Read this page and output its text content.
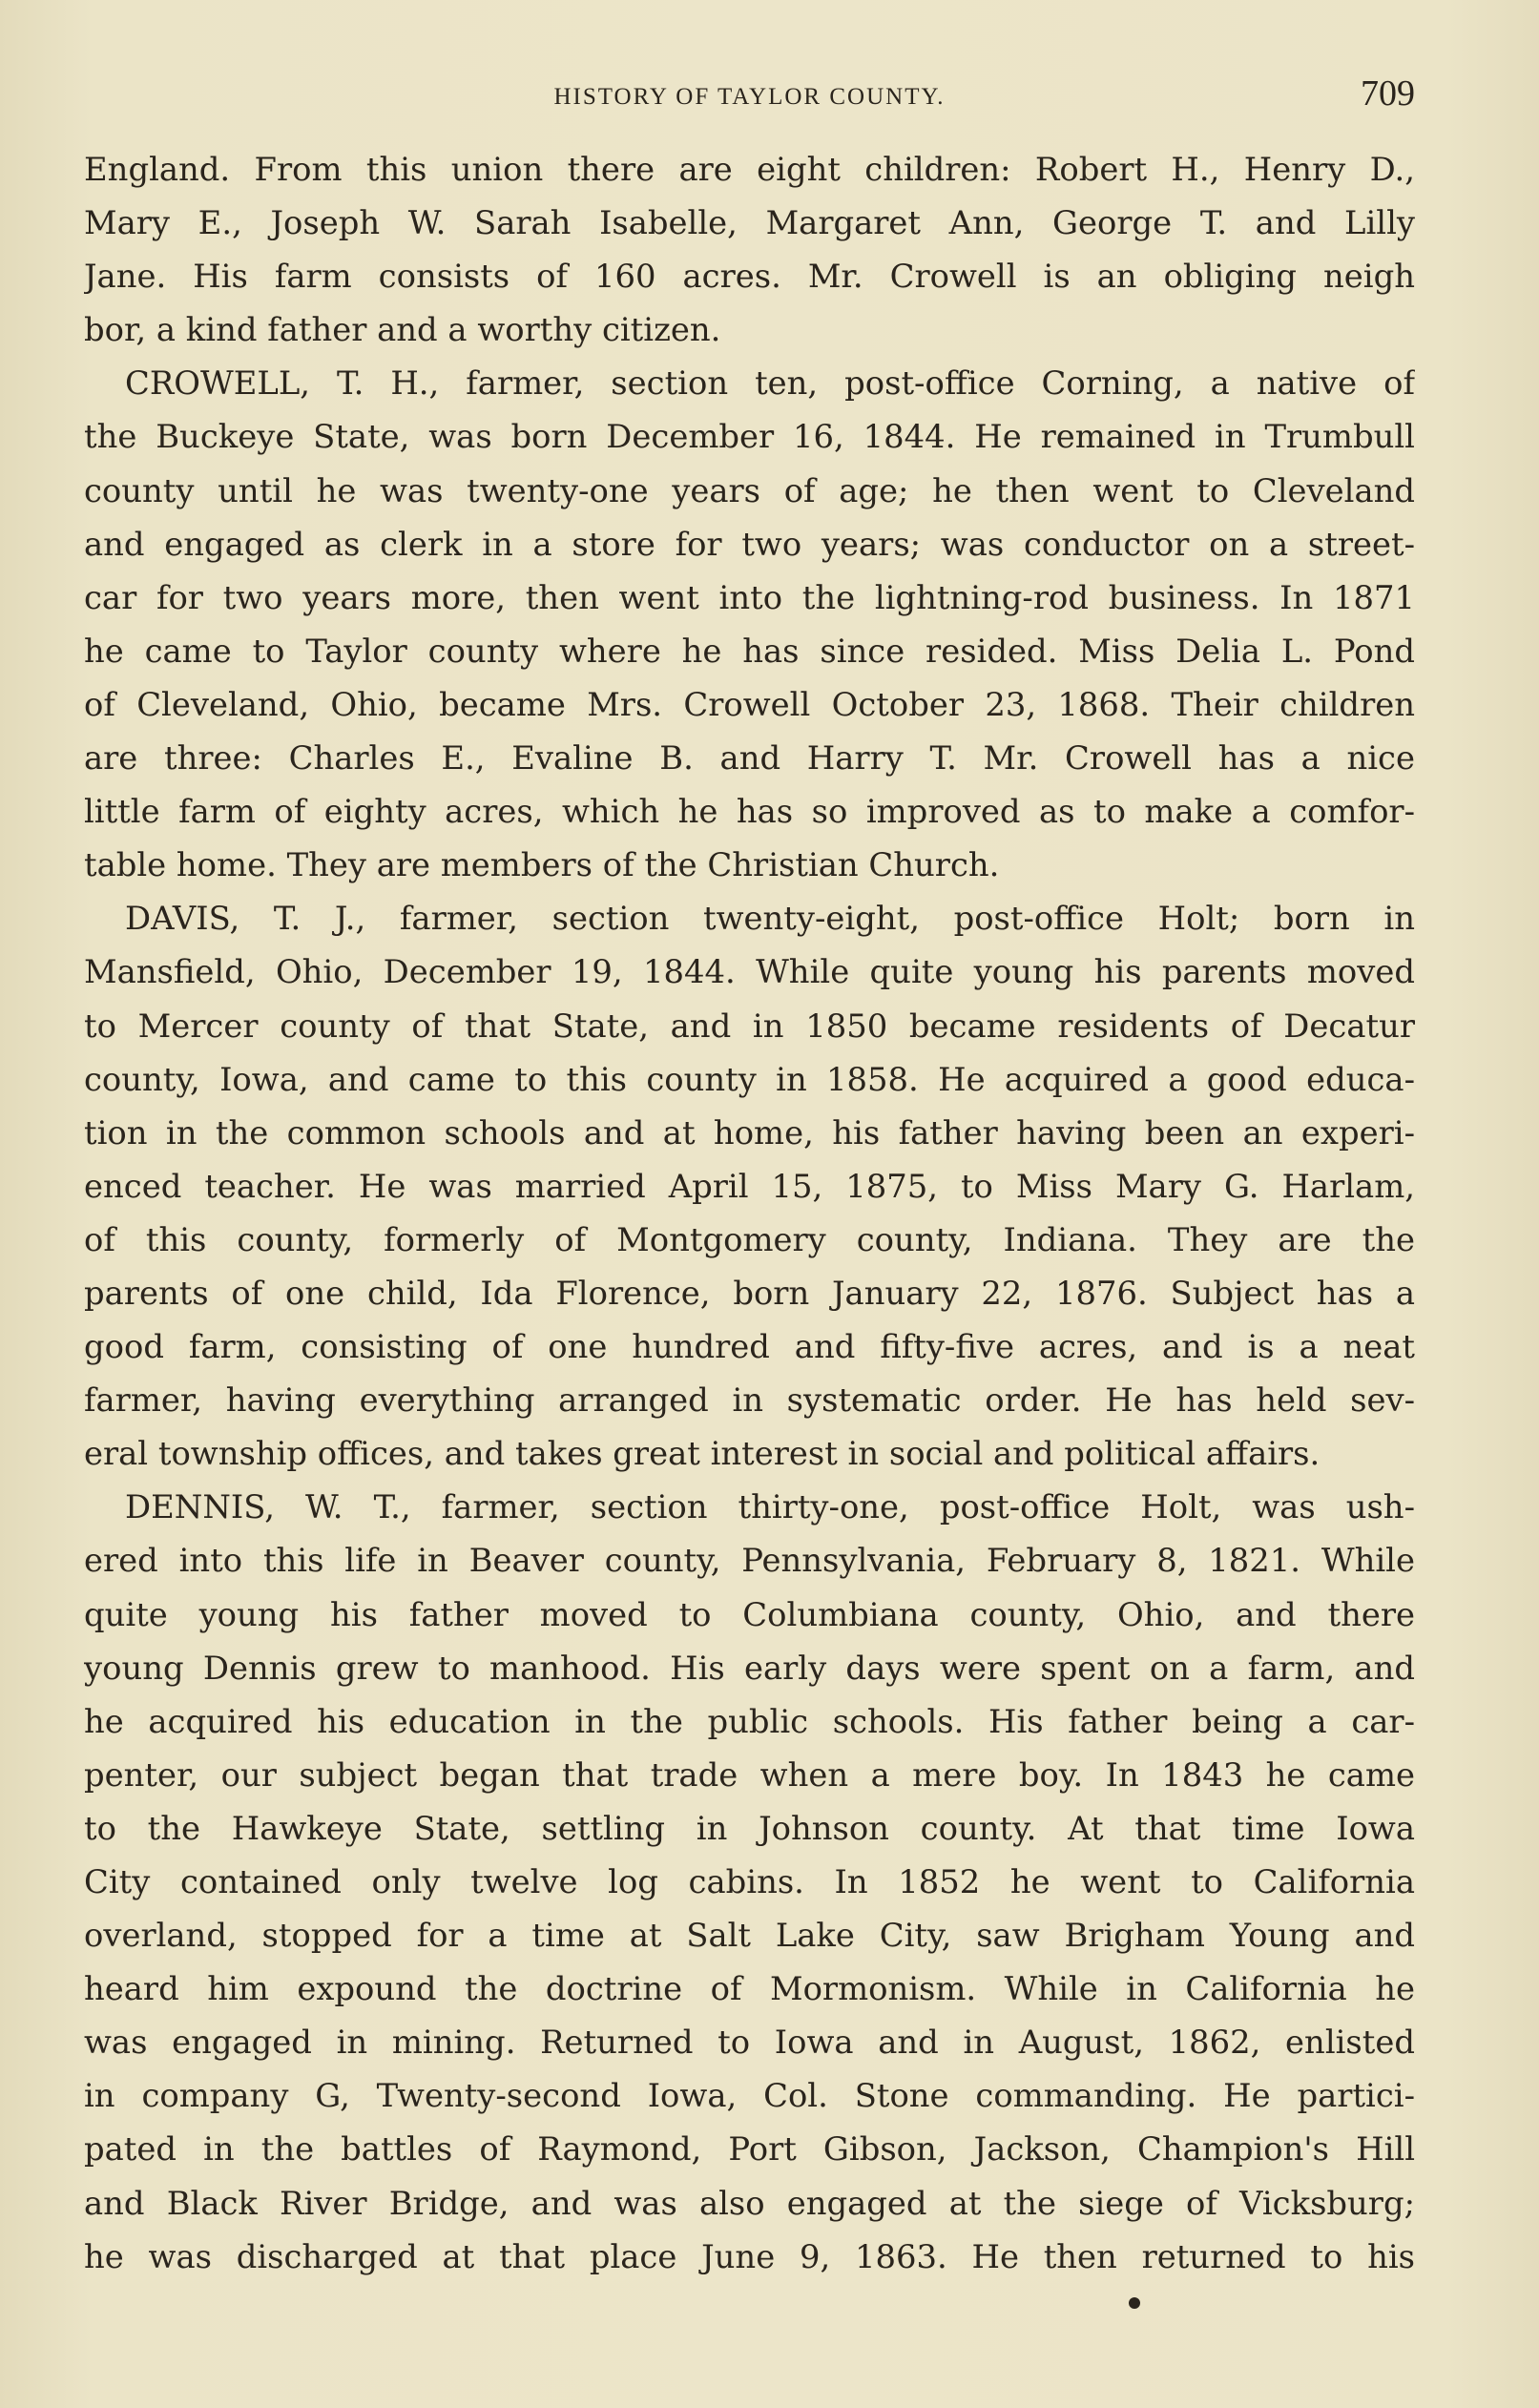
HISTORY OF TAYLOR COUNTY.	709
England. From this union there are eight children: Robert H., Henry D.,
Mary E., Joseph W. Sarah Isabelle, Margaret Ann, George T. and Lilly
Jane. His farm consists of 160 acres. Mr. Crowell is an obliging neigh
bor, a kind father and a worthy citizen.
CROWELL, T. H., farmer, section ten, post-office Corning, a native of
the Buckeye State, was born December 16, 1844. He remained in Trumbull
county until he was twenty-one years of age; he then went to Cleveland
and engaged as clerk in a store for two years; was conductor on a street-
car for two years more, then went into the lightning-rod business. In 1871
he came to Taylor county where he has since resided. Miss Delia L. Pond
of Cleveland, Ohio, became Mrs. Crowell October 23, 1868. Their children
are three: Charles E., Evaline B. and Harry T. Mr. Crowell has a nice
little farm of eighty acres, which he has so improved as to make a comfor-
table home. They are members of the Christian Church.
DAVIS, T. J., farmer, section twenty-eight, post-office Holt; born in
Mansfield, Ohio, December 19, 1844. While quite young his parents moved
to Mercer county of that State, and in 1850 became residents of Decatur
county, Iowa, and came to this county in 1858. He acquired a good educa-
tion in the common schools and at home, his father having been an experi-
enced teacher. He was married April 15, 1875, to Miss Mary G. Harlam,
of this county, formerly of Montgomery county, Indiana. They are the
parents of one child, Ida Florence, born January 22, 1876. Subject has a
good farm, consisting of one hundred and fifty-five acres, and is a neat
farmer, having everything arranged in systematic order. He has held sev-
eral township offices, and takes great interest in social and political affairs.
DENNIS, W. T., farmer, section thirty-one, post-office Holt, was ush-
ered into this life in Beaver county, Pennsylvania, February 8, 1821. While
quite young his father moved to Columbiana county, Ohio, and there
young Dennis grew to manhood. His early days were spent on a farm, and
he acquired his education in the public schools. His father being a car-
penter, our subject began that trade when a mere boy. In 1843 he came
to the Hawkeye State, settling in Johnson county. At that time Iowa
City contained only twelve log cabins. In 1852 he went to California
overland, stopped for a time at Salt Lake City, saw Brigham Young and
heard him expound the doctrine of Mormonism. While in California he
was engaged in mining. Returned to Iowa and in August, 1862, enlisted
in company G, Twenty-second Iowa, Col. Stone commanding. He partici-
pated in the battles of Raymond, Port Gibson, Jackson, Champion's Hill
and Black River Bridge, and was also engaged at the siege of Vicksburg;
he was discharged at that place June 9, 1863. He then returned to his
